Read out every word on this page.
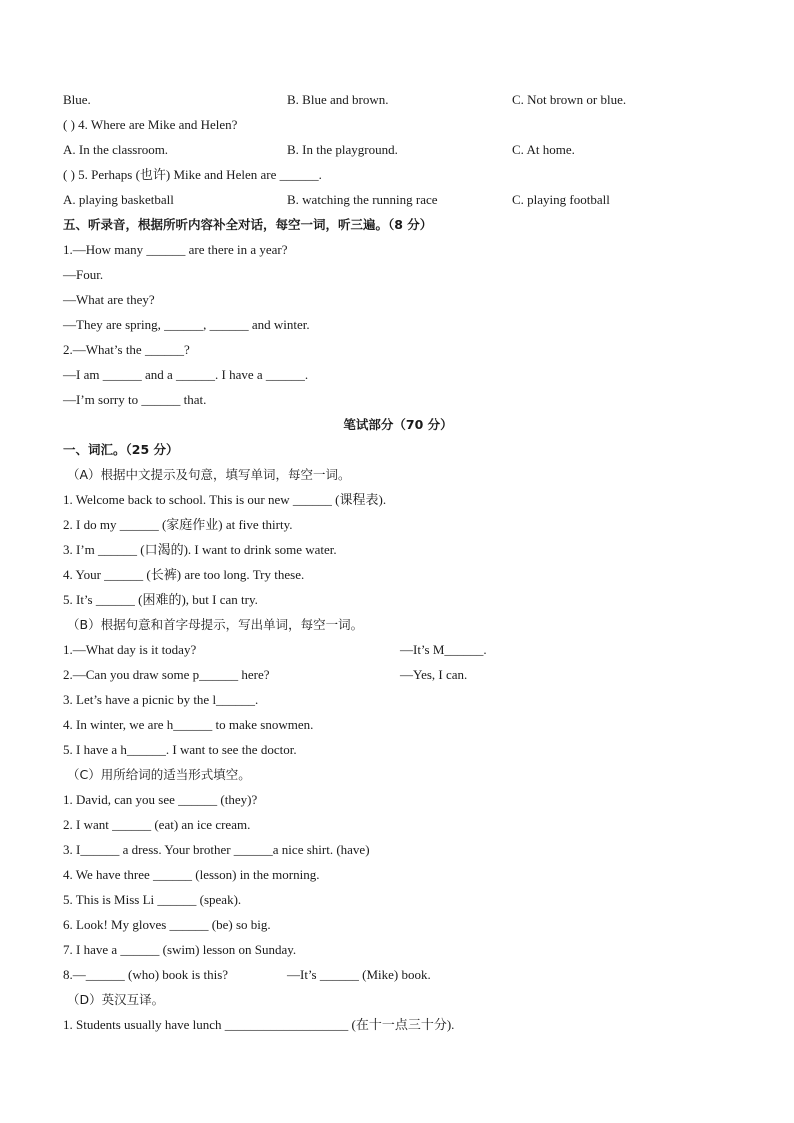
Blue.	B. Blue and brown.	C. Not brown or blue.
( ) 4. Where are Mike and Helen?
A. In the classroom.	B. In the playground.	C. At home.
( ) 5. Perhaps (也许) Mike and Helen are ______.
A. playing basketball	B. watching the running race	C. playing football
五、听录音，根据所听内容补全对话，每空一词，听三遍。（8 分）
1.—How many ______ are there in a year?
—Four.
—What are they?
—They are spring, ______, ______ and winter.
2.—What’s the ______?
—I am ______ and a ______. I have a ______.
—I’m sorry to ______ that.
笔试部分（70 分）
一、词汇。（25 分）
（A）根据中文提示及句意，填写单词，每空一词。
1. Welcome back to school. This is our new ______ (课程表).
2. I do my ______ (家庭作业) at five thirty.
3. I’m ______ (口渴的). I want to drink some water.
4. Your ______ (长裤) are too long. Try these.
5. It’s ______ (困难的), but I can try.
（B）根据句意和首字母提示，写出单词，每空一词。
1.—What day is it today?	—It’s M______.
2.—Can you draw some p______ here?	—Yes, I can.
3. Let’s have a picnic by the l______.
4. In winter, we are h______ to make snowmen.
5. I have a h______. I want to see the doctor.
（C）用所给词的适当形式填空。
1. David, can you see ______ (they)?
2. I want ______ (eat) an ice cream.
3. I______ a dress. Your brother ______a nice shirt. (have)
4. We have three ______ (lesson) in the morning.
5. This is Miss Li ______ (speak).
6. Look! My gloves ______ (be) so big.
7. I have a ______ (swim) lesson on Sunday.
8.—______ (who) book is this?	—It’s ______ (Mike) book.
（D）英汉互译。
1. Students usually have lunch ___________________ (在十一点三十分).
